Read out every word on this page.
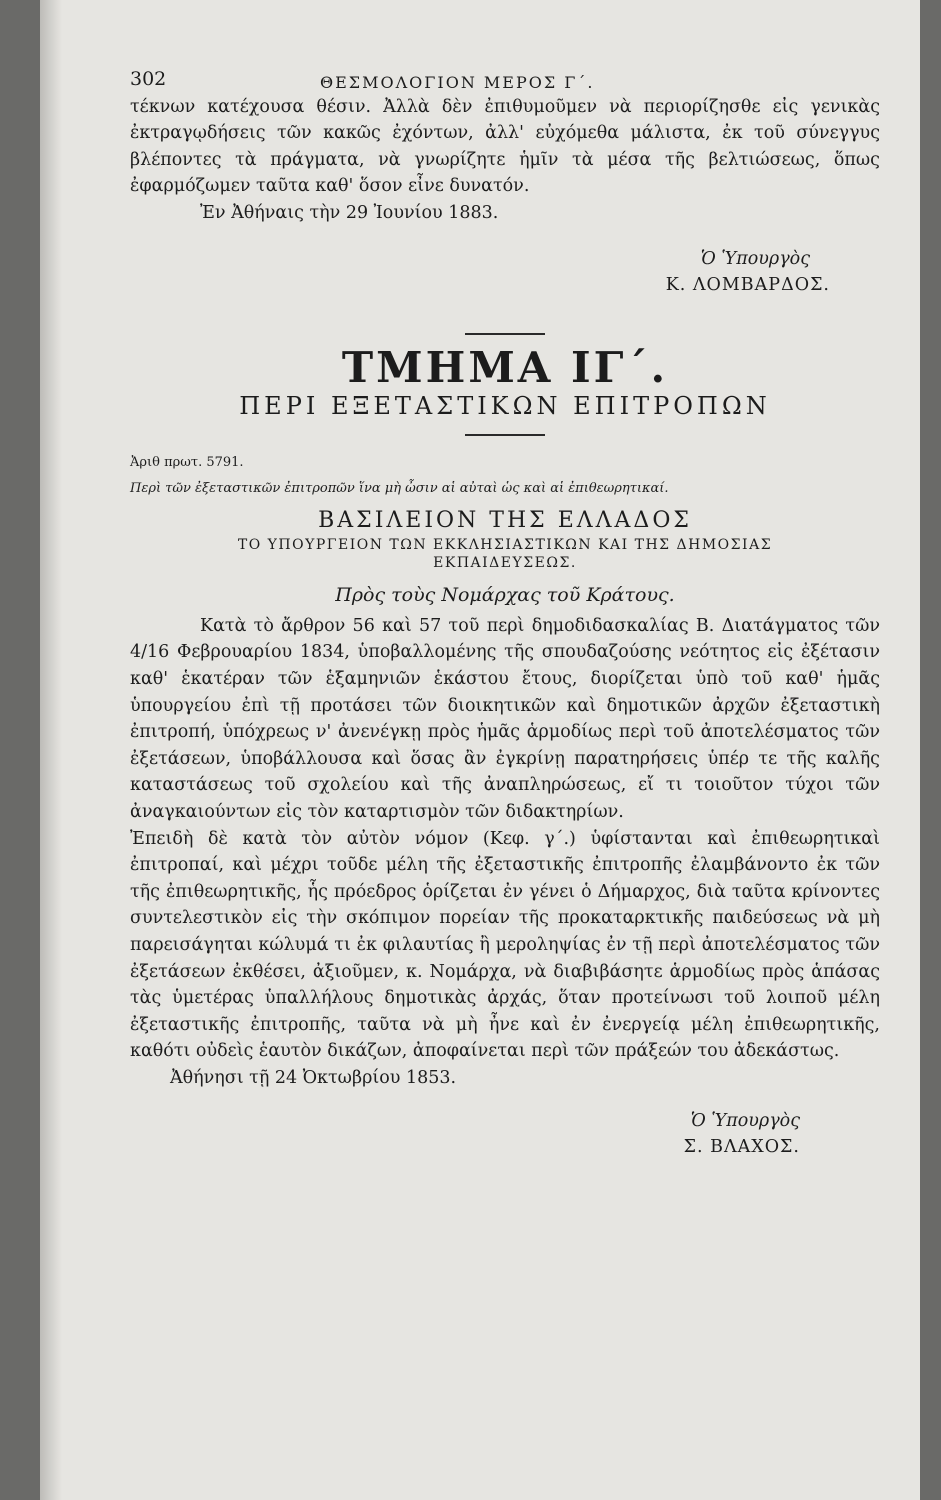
302	ΘΕΣΜΟΛΟΓΙΟΝ ΜΕΡΟΣ Γ΄.

τέκνων κατέχουσα θέσιν. Ἀλλὰ δὲν ἐπιθυμοῦμεν νὰ περιορίζησθε εἰς γενικὰς ἐκτραγῳδήσεις τῶν κακῶς ἐχόντων, ἀλλ' εὐχόμεθα μάλιστα, ἐκ τοῦ σύνεγγυς βλέποντες τὰ πράγματα, νὰ γνωρίζητε ἡμῖν τὰ μέσα τῆς βελτιώσεως, ὅπως ἐφαρμόζωμεν ταῦτα καθ' ὅσον εἶνε δυνατόν.

Ἐν Ἀθήναις τὴν 29 Ἰουνίου 1883.

Ὁ Ὑπουργὸς

Κ. ΛΟΜΒΑΡΔΟΣ.

ΤΜΗΜΑ ΙΓ΄.
ΠΕΡΙ ΕΞΕΤΑΣΤΙΚΩΝ ΕΠΙΤΡΟΠΩΝ

Ἀριθ πρωτ. 5791.

Περὶ τῶν ἐξεταστικῶν ἐπιτροπῶν ἵνα μὴ ὦσιν αἱ αὐταὶ ὡς καὶ αἱ ἐπιθεωρητικαί.

ΒΑΣΙΛΕΙΟΝ ΤΗΣ ΕΛΛΑΔΟΣ
ΤΟ ΥΠΟΥΡΓΕΙΟΝ ΤΩΝ ΕΚΚΛΗΣΙΑΣΤΙΚΩΝ ΚΑΙ ΤΗΣ ΔΗΜΟΣΙΑΣ ΕΚΠΑΙΔΕΥΣΕΩΣ.
Πρὸς τοὺς Νομάρχας τοῦ Κράτους.

Κατὰ τὸ ἄρθρον 56 καὶ 57 τοῦ περὶ δημοδιδασκαλίας Β. Διατάγματος τῶν 4/16 Φεβρουαρίου 1834, ὑποβαλλομένης τῆς σπουδαζούσης νεότητος εἰς ἐξέτασιν καθ' ἑκατέραν τῶν ἑξαμηνιῶν ἑκάστου ἔτους, διορίζεται ὑπὸ τοῦ καθ' ἡμᾶς ὑπουργείου ἐπὶ τῇ προτάσει τῶν διοικητικῶν καὶ δημοτικῶν ἀρχῶν ἐξεταστικὴ ἐπιτροπή, ὑπόχρεως ν' ἀνενέγκῃ πρὸς ἡμᾶς ἁρμοδίως περὶ τοῦ ἀποτελέσματος τῶν ἐξετάσεων, ὑποβάλλουσα καὶ ὅσας ἂν ἐγκρίνῃ παρατηρήσεις ὑπέρ τε τῆς καλῆς καταστάσεως τοῦ σχολείου καὶ τῆς ἀναπληρώσεως, εἴ τι τοιοῦτον τύχοι τῶν ἀναγκαιούντων εἰς τὸν καταρτισμὸν τῶν διδακτηρίων.

Ἐπειδὴ δὲ κατὰ τὸν αὐτὸν νόμον (Κεφ. γ΄.) ὑφίστανται καὶ ἐπιθεωρητικαὶ ἐπιτροπαί, καὶ μέχρι τοῦδε μέλη τῆς ἐξεταστικῆς ἐπιτροπῆς ἐλαμβάνοντο ἐκ τῶν τῆς ἐπιθεωρητικῆς, ἧς πρόεδρος ὁρίζεται ἐν γένει ὁ Δήμαρχος, διὰ ταῦτα κρίνοντες συντελεστικὸν εἰς τὴν σκόπιμον πορείαν τῆς προκαταρκτικῆς παιδεύσεως νὰ μὴ παρεισάγηται κώλυμά τι ἐκ φιλαυτίας ἢ μεροληψίας ἐν τῇ περὶ ἀποτελέσματος τῶν ἐξετάσεων ἐκθέσει, ἀξιοῦμεν, κ. Νομάρχα, νὰ διαβιβάσητε ἁρμοδίως πρὸς ἁπάσας τὰς ὑμετέρας ὑπαλλήλους δημοτικὰς ἀρχάς, ὅταν προτείνωσι τοῦ λοιποῦ μέλη ἐξεταστικῆς ἐπιτροπῆς, ταῦτα νὰ μὴ ἦνε καὶ ἐν ἐνεργείᾳ μέλη ἐπιθεωρητικῆς, καθότι οὐδεὶς ἑαυτὸν δικάζων, ἀποφαίνεται περὶ τῶν πράξεών του ἀδεκάστως.

Ἀθήνησι τῇ 24 Ὀκτωβρίου 1853.

Ὁ Ὑπουργὸς

Σ. ΒΛΑΧΟΣ.
